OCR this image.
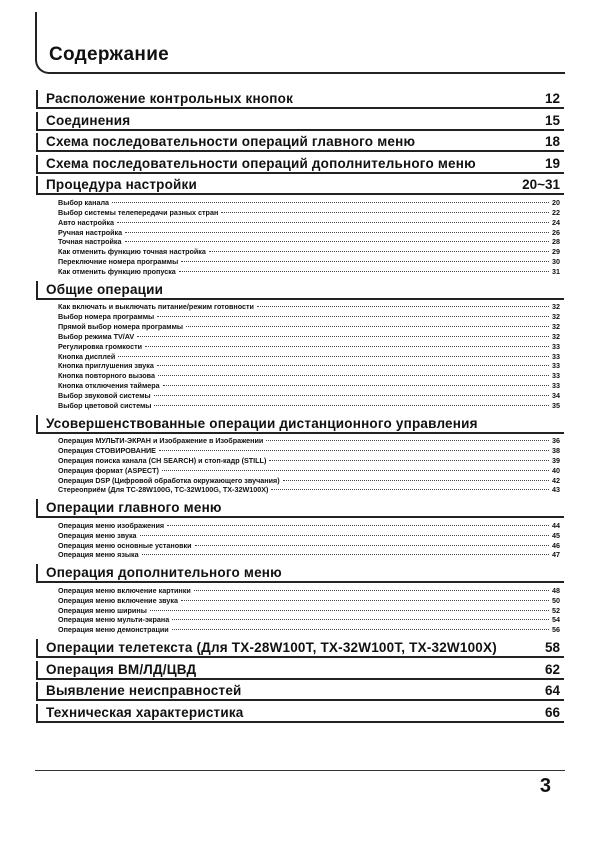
Содержание
Расположение контрольных кнопок	12
Соединения	15
Схема последовательности операций главного меню	18
Схема последовательности операций дополнительного меню	19
Процедура настройки	20~31
Выбор канала	20
Выбор системы телепередачи разных стран	22
Авто настройка	24
Ручная настройка	26
Точная настройка	28
Как отменить функцию точная настройка	29
Переключние номера программы	30
Как отменить функцию пропуска	31
Общие операции
Как включать и выключать питание/режим готовности	32
Выбор номера программы	32
Прямой выбор номера программы	32
Выбор режима TV/AV	32
Регулировка громкости	33
Кнопка дисплей	33
Кнопка приглушения звука	33
Кнопка повторного вызова	33
Кнопка отключения таймера	33
Выбор звуковой системы	34
Выбор цветовой системы	35
Усовершенствованные операции дистанционного управления
Операция МУЛЬТИ-ЭКРАН и Изображение в Изображении	36
Операция СТОВИРОВАНИЕ	38
Операция поиска канала (CH SEARCH) и стоп-кадр (STILL)	39
Операция формат (ASPECT)	40
Операция DSP (Цифровой обработка окружающего звучания)	42
Стереоприём (Для TC-28W100G, TC-32W100G, TX-32W100X)	43
Операции главного меню
Операция меню изображения	44
Операция меню звука	45
Операция меню основные установки	46
Операция меню языка	47
Операция дополнительного меню
Операция меню включение картинки	48
Операция меню включение звука	50
Операция меню ширины	52
Операция меню мульти-экрана	54
Операция меню демонстрации	56
Операции телетекста (Для TX-28W100T, TX-32W100T, TX-32W100X)	58
Операция ВМ/ЛД/ЦВД	62
Выявление неисправностей	64
Техническая характеристика	66
3
